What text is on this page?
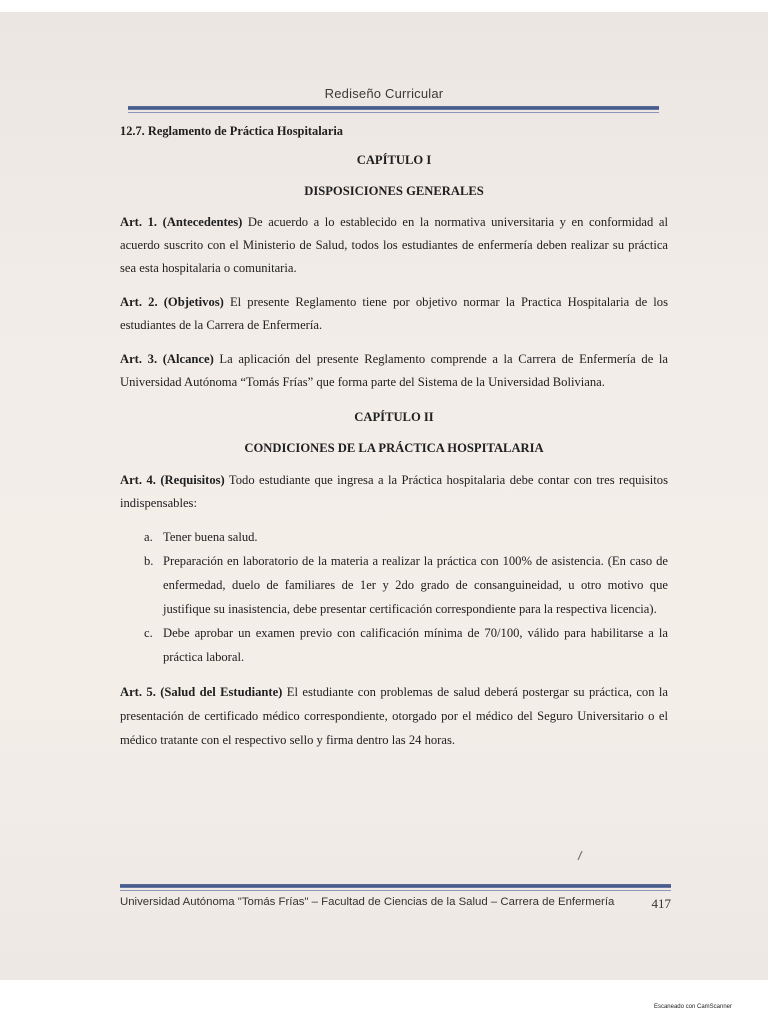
Rediseño Curricular

12.7. Reglamento de Práctica Hospitalaria

CAPÍTULO I
DISPOSICIONES GENERALES

Art. 1. (Antecedentes) De acuerdo a lo establecido en la normativa universitaria y en conformidad al acuerdo suscrito con el Ministerio de Salud, todos los estudiantes de enfermería deben realizar su práctica sea esta hospitalaria o comunitaria.

Art. 2. (Objetivos) El presente Reglamento tiene por objetivo normar la Practica Hospitalaria de los estudiantes de la Carrera de Enfermería.

Art. 3. (Alcance) La aplicación del presente Reglamento comprende a la Carrera de Enfermería de la Universidad Autónoma “Tomás Frías” que forma parte del Sistema de la Universidad Boliviana.

CAPÍTULO II
CONDICIONES DE LA PRÁCTICA HOSPITALARIA

Art. 4. (Requisitos) Todo estudiante que ingresa a la Práctica hospitalaria debe contar con tres requisitos indispensables:

a. Tener buena salud.
b. Preparación en laboratorio de la materia a realizar la práctica con 100% de asistencia. (En caso de enfermedad, duelo de familiares de 1er y 2do grado de consanguineidad, u otro motivo que justifique su inasistencia, debe presentar certificación correspondiente para la respectiva licencia).
c. Debe aprobar un examen previo con calificación mínima de 70/100, válido para habilitarse a la práctica laboral.

Art. 5. (Salud del Estudiante) El estudiante con problemas de salud deberá postergar su práctica, con la presentación de certificado médico correspondiente, otorgado por el médico del Seguro Universitario o el médico tratante con el respectivo sello y firma dentro las 24 horas.

Universidad Autónoma "Tomás Frías" – Facultad de Ciencias de la Salud – Carrera de Enfermería	417
Escaneado con CamScanner
